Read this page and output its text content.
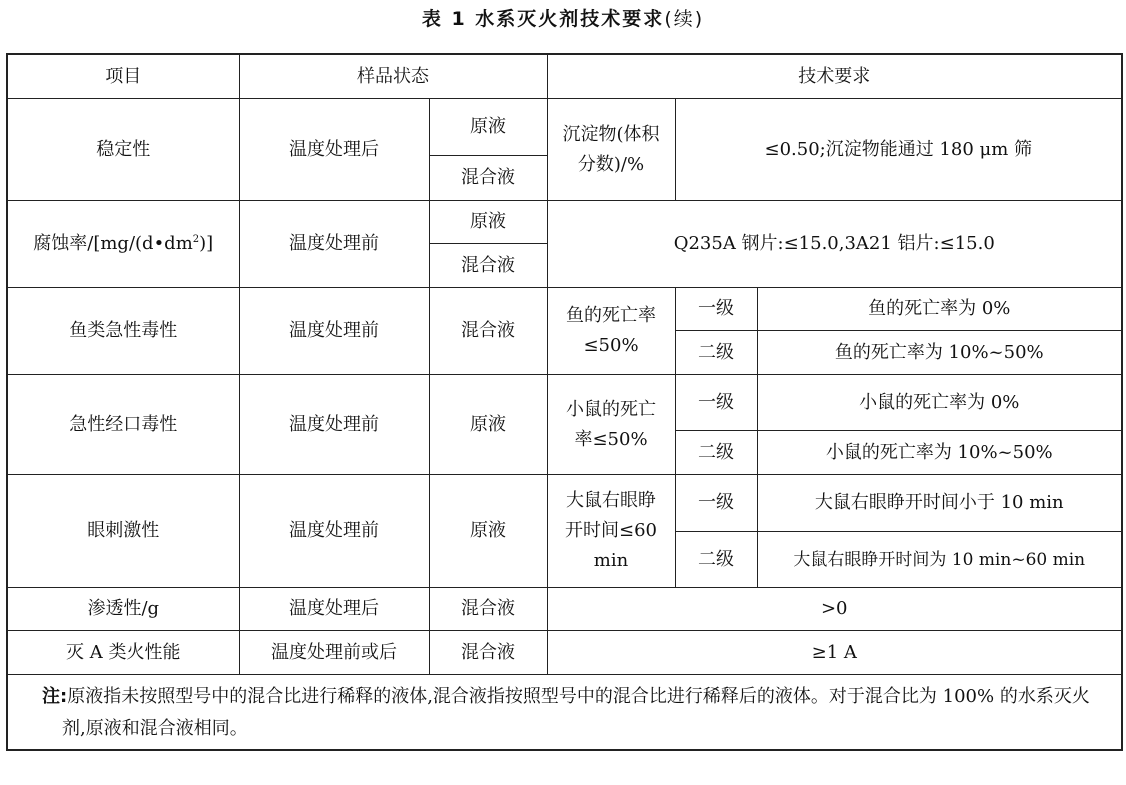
表 1 水系灭火剂技术要求(续)
项目	样品状态		技术要求		
稳定性	温度处理后	原液	沉淀物(体积分数)/%	≤0.50;沉淀物能通过 180 μm 筛	
		混合液			
腐蚀率$/[mg/(d•dm^2)]$	温度处理前	原液	Q235A 钢片:≤15.0,3A21 铝片:≤15.0		
		混合液			
鱼类急性毒性	温度处理前	混合液	鱼的死亡率≤50%	一级	鱼的死亡率为 0%
				二级	鱼的死亡率为 10%~50%
急性经口毒性	温度处理前	原液	小鼠的死亡率≤50%	一级	小鼠的死亡率为 0%
				二级	小鼠的死亡率为 10%~50%
眼刺激性	温度处理前	原液	大鼠右眼睁开时间≤60 min	一级	大鼠右眼睁开时间小于 10 min
				二级	大鼠右眼睁开时间为 10 min~60 min
渗透性/g	温度处理后	混合液	>0		
灭 A 类火性能	温度处理前或后	混合液	≥1 A		
注:原液指未按照型号中的混合比进行稀释的液体,混合液指按照型号中的混合比进行稀释后的液体。对于混合比为 100% 的水系灭火剂,原液和混合液相同。					
